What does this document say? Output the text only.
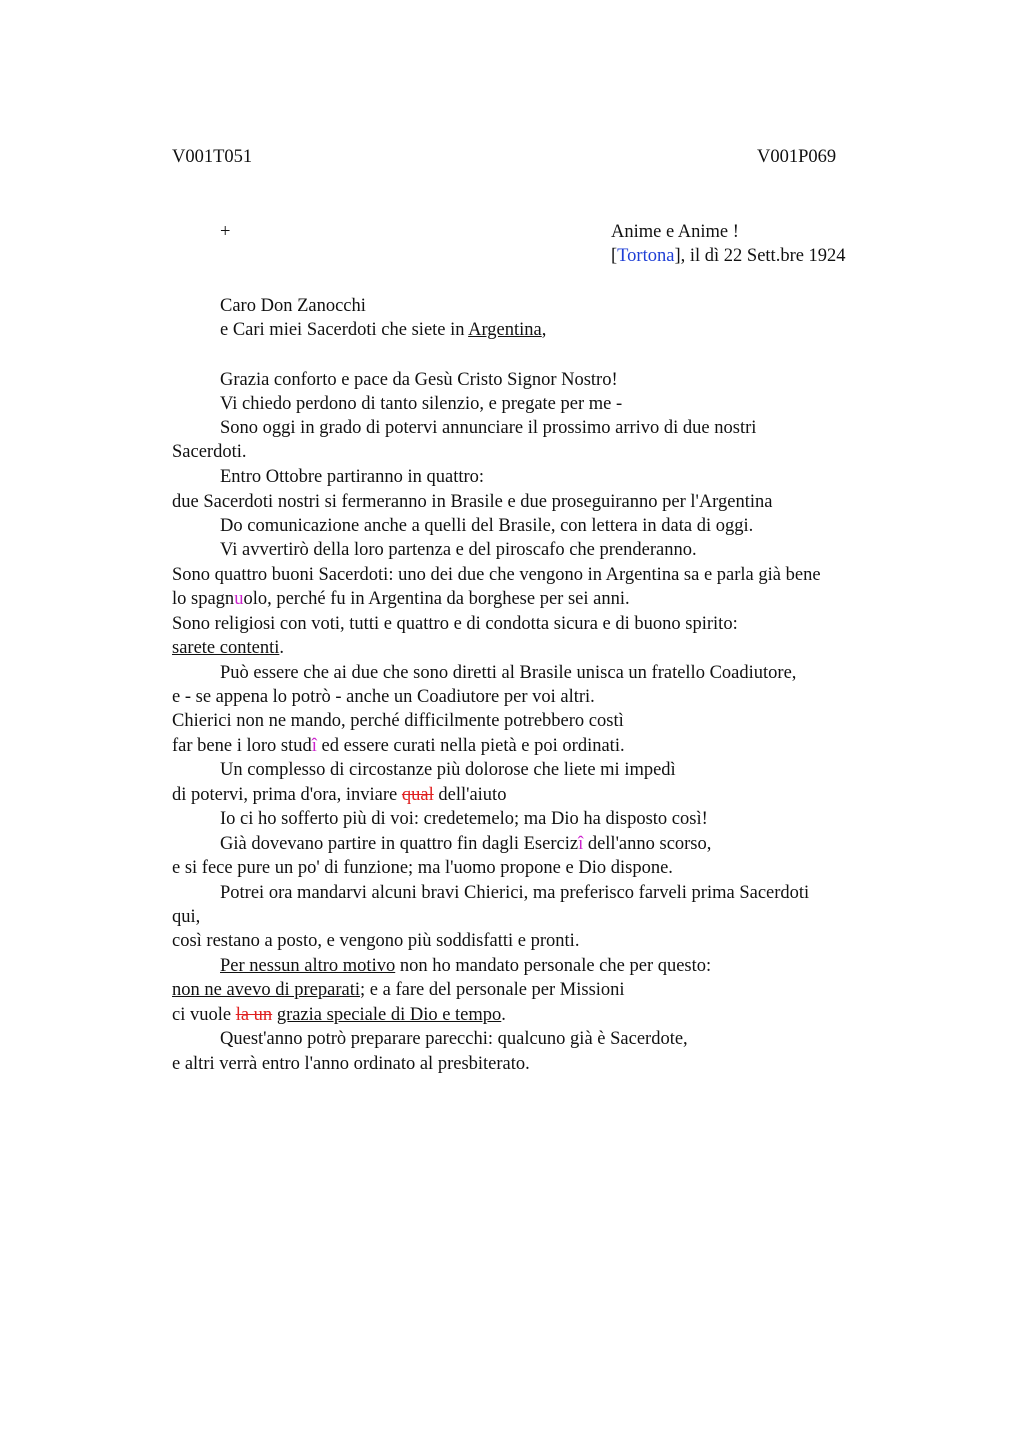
V001T051	V001P069
+	Anime e Anime !
[Tortona], il dì 22 Sett.bre 1924
Caro Don Zanocchi
e Cari miei Sacerdoti che siete in Argentina,
Grazia conforto e pace da Gesù Cristo Signor Nostro!
Vi chiedo perdono di tanto silenzio, e pregate per me -
Sono oggi in grado di potervi annunciare il prossimo arrivo di due nostri
Sacerdoti.
Entro Ottobre partiranno in quattro:
due Sacerdoti nostri si fermeranno in Brasile e due proseguiranno per l'Argentina
Do comunicazione anche a quelli del Brasile, con lettera in data di oggi.
Vi avvertirò della loro partenza e del piroscafo che prenderanno.
Sono quattro buoni Sacerdoti: uno dei due che vengono in Argentina sa e parla già bene
lo spagnuolo, perché fu in Argentina da borghese per sei anni.
Sono religiosi con voti, tutti e quattro e di condotta sicura e di buono spirito:
sarete contenti.
Può essere che ai due che sono diretti al Brasile unisca un fratello Coadiutore,
e - se appena lo potrò - anche un Coadiutore per voi altri.
Chierici non ne mando, perché difficilmente potrebbero costì
far bene i loro studî ed essere curati nella pietà e poi ordinati.
Un complesso di circostanze più dolorose che liete mi impedì
di potervi, prima d'ora, inviare qual dell'aiuto
Io ci ho sofferto più di voi: credetemelo; ma Dio ha disposto così!
Già dovevano partire in quattro fin dagli Esercizî dell'anno scorso,
e si fece pure un po' di funzione; ma l'uomo propone e Dio dispone.
Potrei ora mandarvi alcuni bravi Chierici, ma preferisco farveli prima Sacerdoti
qui,
così restano a posto, e vengono più soddisfatti e pronti.
Per nessun altro motivo non ho mandato personale che per questo:
non ne avevo di preparati; e a fare del personale per Missioni
ci vuole la un grazia speciale di Dio e tempo.
Quest'anno potrò preparare parecchi: qualcuno già è Sacerdote,
e altri verrà entro l'anno ordinato al presbiterato.
